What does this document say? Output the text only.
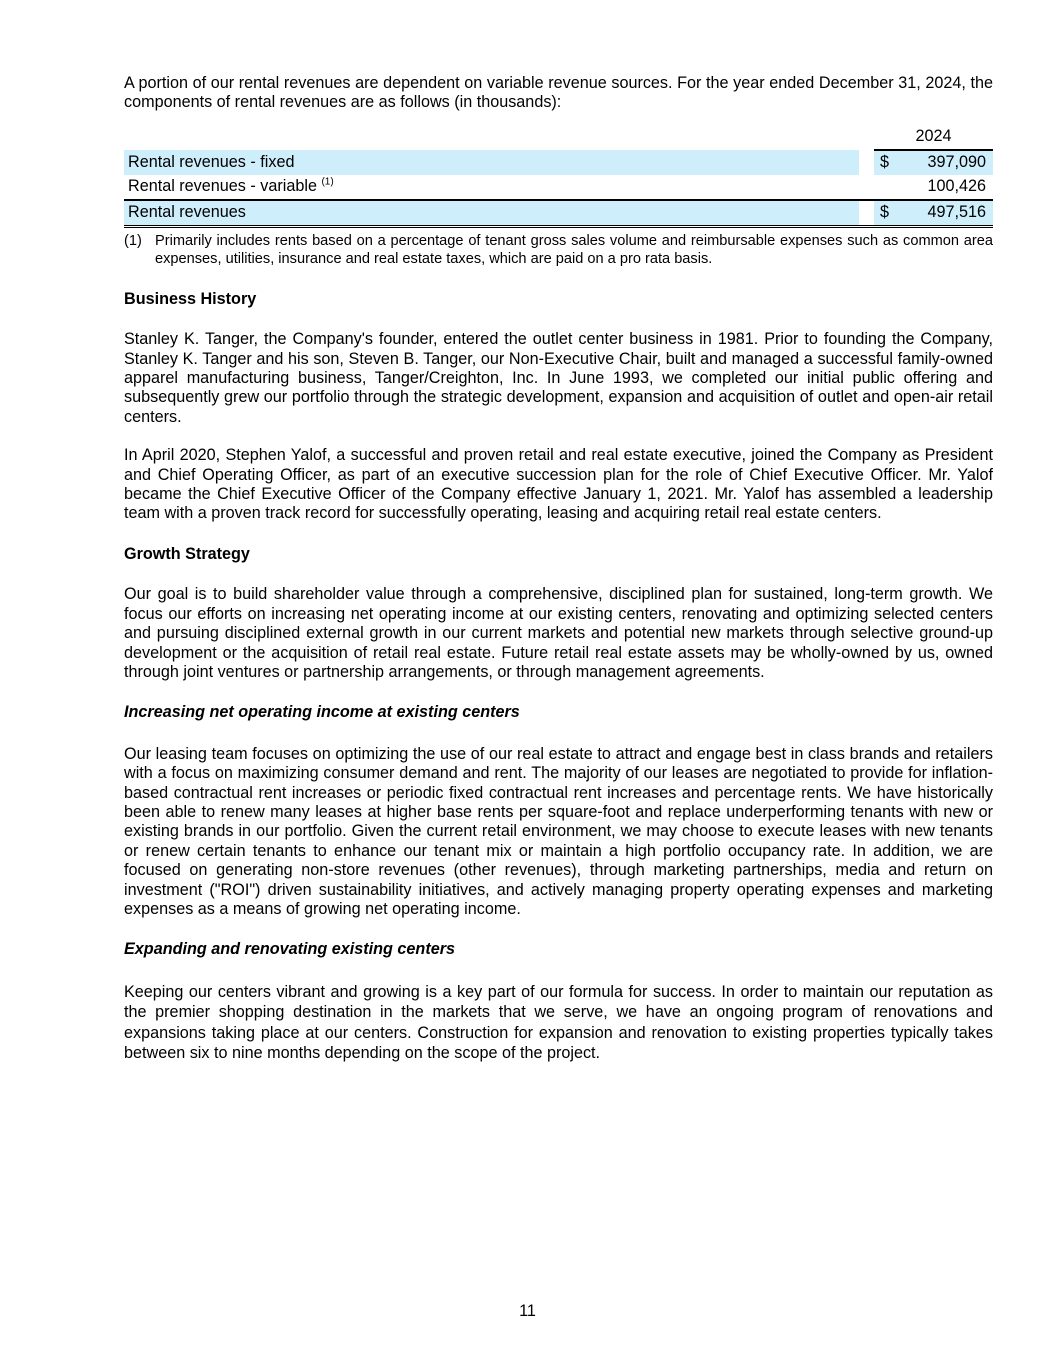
A portion of our rental revenues are dependent on variable revenue sources. For the year ended December 31, 2024, the components of rental revenues are as follows (in thousands):

		2024	
Rental revenues - fixed		$	397,090
Rental revenues - variable $^{(1)}$			100,426
Rental revenues		$	497,516
(1) Primarily includes rents based on a percentage of tenant gross sales volume and reimbursable expenses such as common area expenses, utilities, insurance and real estate taxes, which are paid on a pro rata basis.
Business History

Stanley K. Tanger, the Company's founder, entered the outlet center business in 1981. Prior to founding the Company, Stanley K. Tanger and his son, Steven B. Tanger, our Non-Executive Chair, built and managed a successful family-owned apparel manufacturing business, Tanger/Creighton, Inc. In June 1993, we completed our initial public offering and subsequently grew our portfolio through the strategic development, expansion and acquisition of outlet and open-air retail centers.

In April 2020, Stephen Yalof, a successful and proven retail and real estate executive, joined the Company as President and Chief Operating Officer, as part of an executive succession plan for the role of Chief Executive Officer. Mr. Yalof became the Chief Executive Officer of the Company effective January 1, 2021. Mr. Yalof has assembled a leadership team with a proven track record for successfully operating, leasing and acquiring retail real estate centers.

Growth Strategy

Our goal is to build shareholder value through a comprehensive, disciplined plan for sustained, long-term growth. We focus our efforts on increasing net operating income at our existing centers, renovating and optimizing selected centers and pursuing disciplined external growth in our current markets and potential new markets through selective ground-up development or the acquisition of retail real estate. Future retail real estate assets may be wholly-owned by us, owned through joint ventures or partnership arrangements, or through management agreements.

Increasing net operating income at existing centers

Our leasing team focuses on optimizing the use of our real estate to attract and engage best in class brands and retailers with a focus on maximizing consumer demand and rent. The majority of our leases are negotiated to provide for inflation-based contractual rent increases or periodic fixed contractual rent increases and percentage rents. We have historically been able to renew many leases at higher base rents per square-foot and replace underperforming tenants with new or existing brands in our portfolio. Given the current retail environment, we may choose to execute leases with new tenants or renew certain tenants to enhance our tenant mix or maintain a high portfolio occupancy rate. In addition, we are focused on generating non-store revenues (other revenues), through marketing partnerships, media and return on investment ("ROI") driven sustainability initiatives, and actively managing property operating expenses and marketing expenses as a means of growing net operating income.

Expanding and renovating existing centers

Keeping our centers vibrant and growing is a key part of our formula for success. In order to maintain our reputation as the premier shopping destination in the markets that we serve, we have an ongoing program of renovations and expansions taking place at our centers. Construction for expansion and renovation to existing properties typically takes between six to nine months depending on the scope of the project.

11
